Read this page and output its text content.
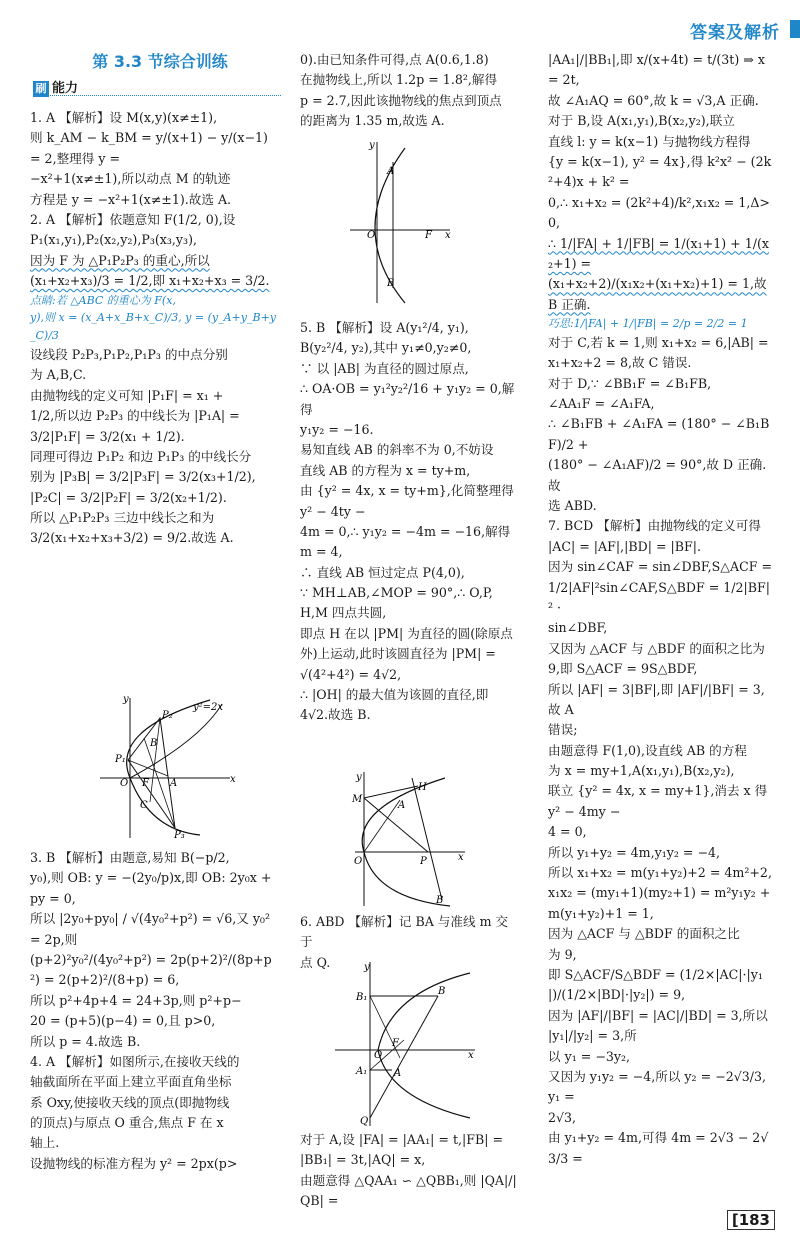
答案及解析
第 3.3 节综合训练
刷 能力

1. A 【解析】设 M(x,y)(x≠±1),

则 k_AM − k_BM = y/(x+1) − y/(x−1) = 2,整理得 y =

−x²+1(x≠±1),所以动点 M 的轨迹

方程是 y = −x²+1(x≠±1).故选 A.

2. A 【解析】依题意知 F(1/2, 0),设

P₁(x₁,y₁),P₂(x₂,y₂),P₃(x₃,y₃),

因为 F 为 △P₁P₂P₃ 的重心,所以

(x₁+x₂+x₃)/3 = 1/2,即 x₁+x₂+x₃ = 3/2.

点睛:若 △ABC 的重心为 F(x,

y),则 x = (x_A+x_B+x_C)/3, y = (y_A+y_B+y_C)/3

设线段 P₂P₃,P₁P₂,P₁P₃ 的中点分别

为 A,B,C.

由抛物线的定义可知 |P₁F| = x₁ +

1/2,所以边 P₂P₃ 的中线长为 |P₁A| =

3/2|P₁F| = 3/2(x₁ + 1/2).

同理可得边 P₁P₂ 和边 P₁P₃ 的中线长分

别为 |P₃B| = 3/2|P₃F| = 3/2(x₃+1/2),

|P₂C| = 3/2|P₂F| = 3/2(x₂+1/2).

所以 △P₁P₂P₃ 三边中线长之和为

3/2(x₁+x₂+x₃+3/2) = 9/2.故选 A.

y
x
O F A
B
C
P₁
P₂
P₃
y²=2x

3. B 【解析】由题意,易知 B(−p/2,

y₀),则 OB: y = −(2y₀/p)x,即 OB: 2y₀x +

py = 0,

所以 |2y₀+py₀| / √(4y₀²+p²) = √6,又 y₀² = 2p,则

(p+2)²y₀²/(4y₀²+p²) = 2p(p+2)²/(8p+p²) = 2(p+2)²/(8+p) = 6,

所以 p²+4p+4 = 24+3p,则 p²+p−

20 = (p+5)(p−4) = 0,且 p>0,

所以 p = 4.故选 B.

4. A 【解析】如图所示,在接收天线的

轴截面所在平面上建立平面直角坐标

系 Oxy,使接收天线的顶点(即抛物线

的顶点)与原点 O 重合,焦点 F 在 x

轴上.

设抛物线的标准方程为 y² = 2px(p>

0).由已知条件可得,点 A(0.6,1.8)

在抛物线上,所以 1.2p = 1.8²,解得

p = 2.7,因此该抛物线的焦点到顶点

的距离为 1.35 m,故选 A.

y
x
O	F
A
B

5. B 【解析】设 A(y₁²/4, y₁),

B(y₂²/4, y₂),其中 y₁≠0,y₂≠0,

∵ 以 |AB| 为直径的圆过原点,

∴ OA·OB = y₁²y₂²/16 + y₁y₂ = 0,解得

y₁y₂ = −16.

易知直线 AB 的斜率不为 0,不妨设

直线 AB 的方程为 x = ty+m,

由 {y² = 4x, x = ty+m},化简整理得 y² − 4ty −

4m = 0,∴ y₁y₂ = −4m = −16,解得

m = 4,

∴ 直线 AB 恒过定点 P(4,0),

∵ MH⊥AB,∠MOP = 90°,∴ O,P,

H,M 四点共圆,

即点 H 在以 |PM| 为直径的圆(除原点

外)上运动,此时该圆直径为 |PM| =

√(4²+4²) = 4√2,

∴ |OH| 的最大值为该圆的直径,即

4√2.故选 B.

y
x
O	P
M
H
A
B

6. ABD 【解析】记 BA 与准线 m 交于

点 Q.	y
x
O
F
B₁
B
A₁	A
Q

对于 A,设 |FA| = |AA₁| = t,|FB| =

|BB₁| = 3t,|AQ| = x,

由题意得 △QAA₁ ∽ △QBB₁,则 |QA|/|QB| =

|AA₁|/|BB₁|,即 x/(x+4t) = t/(3t) ⇒ x = 2t,

故 ∠A₁AQ = 60°,故 k = √3,A 正确.

对于 B,设 A(x₁,y₁),B(x₂,y₂),联立

直线 l: y = k(x−1) 与抛物线方程得

{y = k(x−1), y² = 4x},得 k²x² − (2k²+4)x + k² =

0,∴ x₁+x₂ = (2k²+4)/k²,x₁x₂ = 1,Δ>0,

∴ 1/|FA| + 1/|FB| = 1/(x₁+1) + 1/(x₂+1) =

(x₁+x₂+2)/(x₁x₂+(x₁+x₂)+1) = 1,故 B 正确.

巧思:1/|FA| + 1/|FB| = 2/p = 2/2 = 1

对于 C,若 k = 1,则 x₁+x₂ = 6,|AB| =

x₁+x₂+2 = 8,故 C 错误.

对于 D,∵ ∠BB₁F = ∠B₁FB,

∠AA₁F = ∠A₁FA,

∴ ∠B₁FB + ∠A₁FA = (180° − ∠B₁BF)/2 +

(180° − ∠A₁AF)/2 = 90°,故 D 正确.故

选 ABD.

7. BCD 【解析】由抛物线的定义可得

|AC| = |AF|,|BD| = |BF|.

因为 sin∠CAF = sin∠DBF,S△ACF =

1/2|AF|²sin∠CAF,S△BDF = 1/2|BF|² ·

sin∠DBF,

又因为 △ACF 与 △BDF 的面积之比为

9,即 S△ACF = 9S△BDF,

所以 |AF| = 3|BF|,即 |AF|/|BF| = 3,故 A

错误;

由题意得 F(1,0),设直线 AB 的方程

为 x = my+1,A(x₁,y₁),B(x₂,y₂),

联立 {y² = 4x, x = my+1},消去 x 得 y² − 4my −

4 = 0,

所以 y₁+y₂ = 4m,y₁y₂ = −4,

所以 x₁+x₂ = m(y₁+y₂)+2 = 4m²+2,

x₁x₂ = (my₁+1)(my₂+1) = m²y₁y₂ +

m(y₁+y₂)+1 = 1,

因为 △ACF 与 △BDF 的面积之比

为 9,

即 S△ACF/S△BDF = (1/2×|AC|·|y₁|)/(1/2×|BD|·|y₂|) = 9,

因为 |AF|/|BF| = |AC|/|BD| = 3,所以 |y₁|/|y₂| = 3,所

以 y₁ = −3y₂,

又因为 y₁y₂ = −4,所以 y₂ = −2√3/3,y₁ =

2√3,

由 y₁+y₂ = 4m,可得 4m = 2√3 − 2√3/3 =

[ 183
